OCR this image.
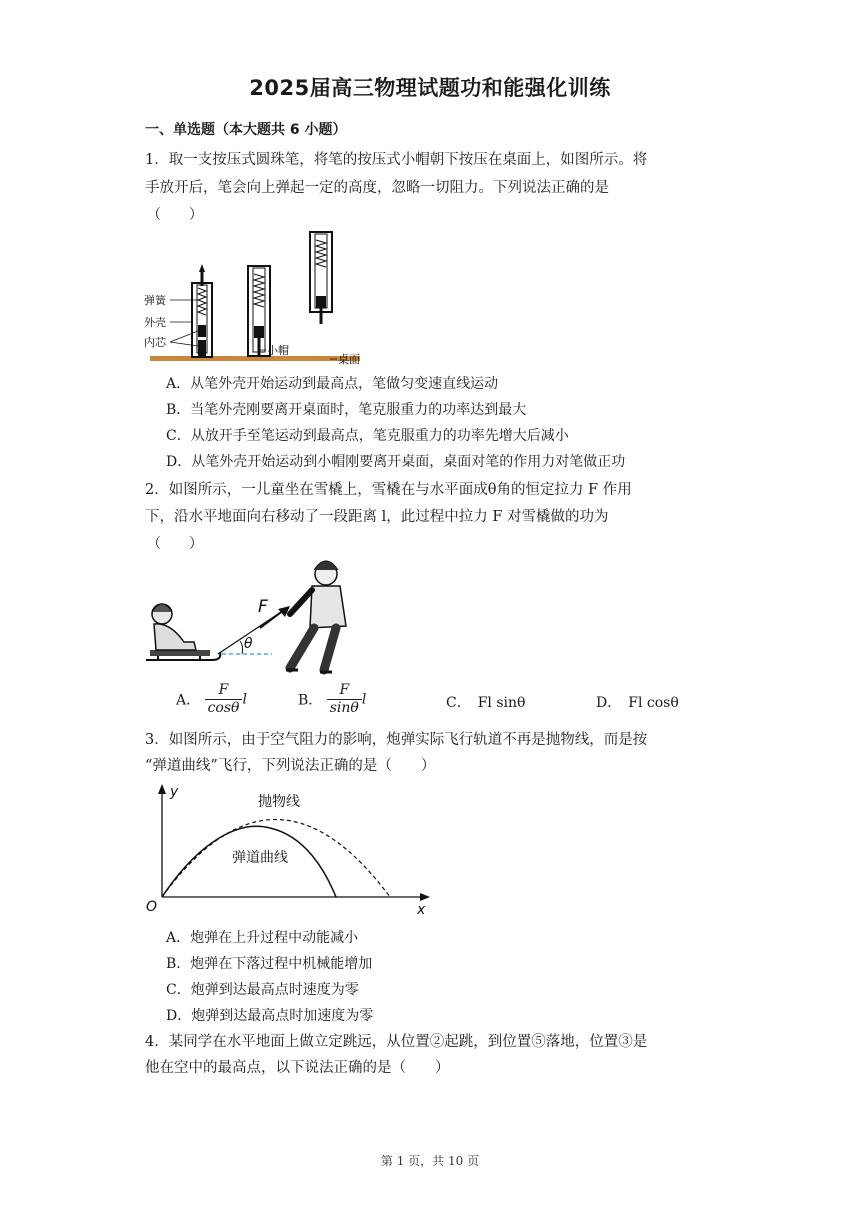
2025届高三物理试题功和能强化训练
一、单选题（本大题共 6 小题）
1．取一支按压式圆珠笔，将笔的按压式小帽朝下按压在桌面上，如图所示。将
手放开后，笔会向上弹起一定的高度，忽略一切阻力。下列说法正确的是
（　　）
弹簧
外壳
内芯
小帽
桌面
A．从笔外壳开始运动到最高点，笔做匀变速直线运动
B．当笔外壳刚要离开桌面时，笔克服重力的功率达到最大
C．从放开手至笔运动到最高点，笔克服重力的功率先增大后减小
D．从笔外壳开始运动到小帽刚要离开桌面，桌面对笔的作用力对笔做正功
2．如图所示，一儿童坐在雪橇上，雪橇在与水平面成θ角的恒定拉力 F 作用
下，沿水平地面向右移动了一段距离 l，此过程中拉力 F 对雪橇做的功为
（　　）
F
θ
A． $\frac{F}{\cos\theta}$ l	B． $\frac{F}{\sin\theta}$ l	C．　Fl sinθ	D．　Fl cosθ
3．如图所示，由于空气阻力的影响，炮弹实际飞行轨道不再是抛物线，而是按
“弹道曲线”飞行，下列说法正确的是（　　）
y
x
O
抛物线
弹道曲线
A．炮弹在上升过程中动能减小
B．炮弹在下落过程中机械能增加
C．炮弹到达最高点时速度为零
D．炮弹到达最高点时加速度为零
4．某同学在水平地面上做立定跳远，从位置②起跳，到位置⑤落地，位置③是
他在空中的最高点，以下说法正确的是（　　）
第 1 页，共 10 页
